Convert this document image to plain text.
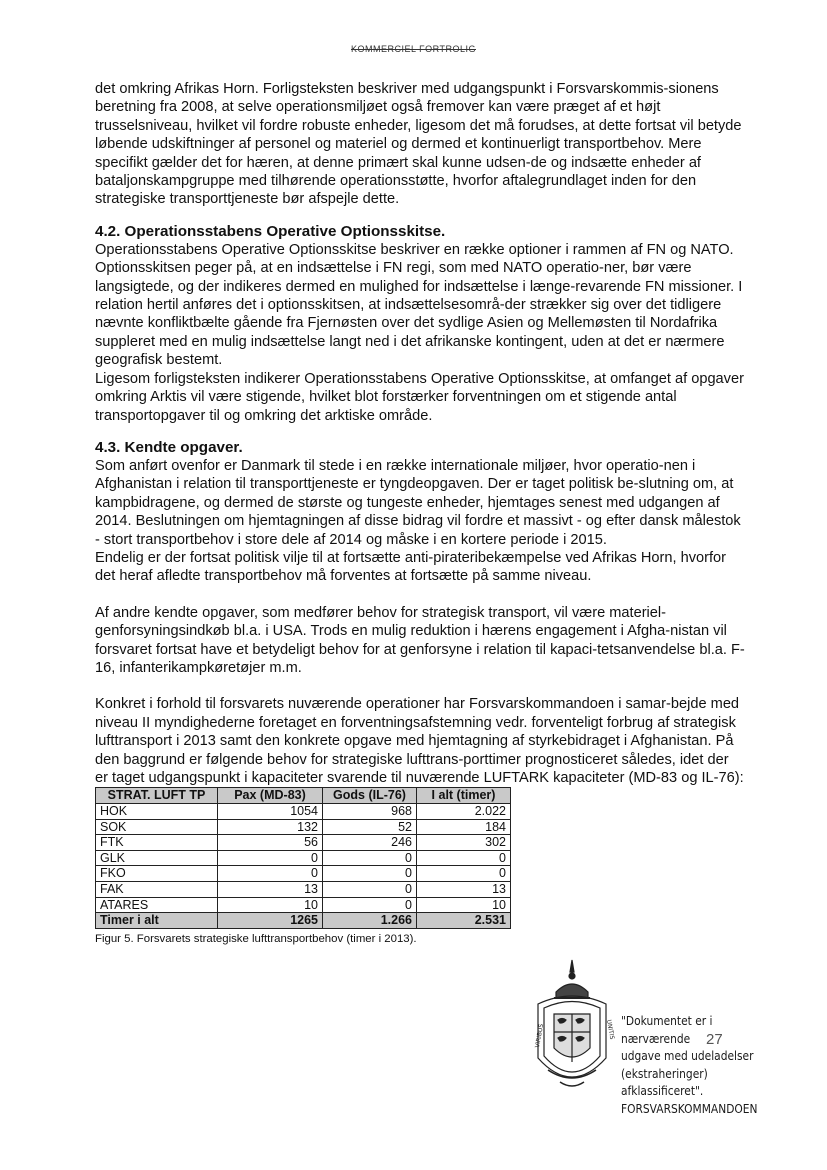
KOMMERCIEL FORTROLIG

det omkring Afrikas Horn. Forligsteksten beskriver med udgangspunkt i Forsvarskommis-sionens beretning fra 2008, at selve operationsmiljøet også fremover kan være præget af et højt trusselsniveau, hvilket vil fordre robuste enheder, ligesom det må forudses, at dette fortsat vil betyde løbende udskiftninger af personel og materiel og dermed et kontinuerligt transportbehov. Mere specifikt gælder det for hæren, at denne primært skal kunne udsen-de og indsætte enheder af bataljonskampgruppe med tilhørende operationsstøtte, hvorfor aftalegrundlaget inden for den strategiske transporttjeneste bør afspejle dette.

4.2. Operationsstabens Operative Optionsskitse.

Operationsstabens Operative Optionsskitse beskriver en række optioner i rammen af FN og NATO. Optionsskitsen peger på, at en indsættelse i FN regi, som med NATO operatio-ner, bør være langsigtede, og der indikeres dermed en mulighed for indsættelse i længe-revarende FN missioner. I relation hertil anføres det i optionsskitsen, at indsættelsesområ-der strækker sig over det tidligere nævnte konfliktbælte gående fra Fjernøsten over det sydlige Asien og Mellemøsten til Nordafrika suppleret med en mulig indsættelse langt ned i det afrikanske kontingent, uden at det er nærmere geografisk bestemt.

Ligesom forligsteksten indikerer Operationsstabens Operative Optionsskitse, at omfanget af opgaver omkring Arktis vil være stigende, hvilket blot forstærker forventningen om et stigende antal transportopgaver til og omkring det arktiske område.

4.3. Kendte opgaver.

Som anført ovenfor er Danmark til stede i en række internationale miljøer, hvor operatio-nen i Afghanistan i relation til transporttjeneste er tyngdeopgaven. Der er taget politisk be-slutning om, at kampbidragene, og dermed de største og tungeste enheder, hjemtages senest med udgangen af 2014. Beslutningen om hjemtagningen af disse bidrag vil fordre et massivt - og efter dansk målestok - stort transportbehov i store dele af 2014 og måske i en kortere periode i 2015.

Endelig er der fortsat politisk vilje til at fortsætte anti-pirateribekæmpelse ved Afrikas Horn, hvorfor det heraf afledte transportbehov må forventes at fortsætte på samme niveau.

Af andre kendte opgaver, som medfører behov for strategisk transport, vil være materiel-genforsyningsindkøb bl.a. i USA. Trods en mulig reduktion i hærens engagement i Afgha-nistan vil forsvaret fortsat have et betydeligt behov for at genforsyne i relation til kapaci-tetsanvendelse bl.a. F-16, infanterikampkøretøjer m.m.

Konkret i forhold til forsvarets nuværende operationer har Forsvarskommandoen i samar-bejde med niveau II myndighederne foretaget en forventningsafstemning vedr. forventeligt forbrug af strategisk lufttransport i 2013 samt den konkrete opgave med hjemtagning af styrkebidraget i Afghanistan. På den baggrund er følgende behov for strategiske lufttrans-porttimer prognosticeret således, idet der er taget udgangspunkt i kapaciteter svarende til nuværende LUFTARK kapaciteter (MD-83 og IL-76):

STRAT. LUFT TP	Pax (MD-83)	Gods (IL-76)	I alt (timer)
HOK	1054	968	2.022
SOK	132	52	184
FTK	56	246	302
GLK	0	0	0
FKO	0	0	0
FAK	13	0	13
ATARES	10	0	10
Timer i alt	1265	1.266	2.531
Figur 5. Forsvarets strategiske lufttransportbehov (timer i 2013).
VIRIBUS	UNITIS "Dokumentet er i nærværende
udgave med udeladelser
(ekstraheringer) afklassificeret".
FORSVARSKOMMANDOEN
27
